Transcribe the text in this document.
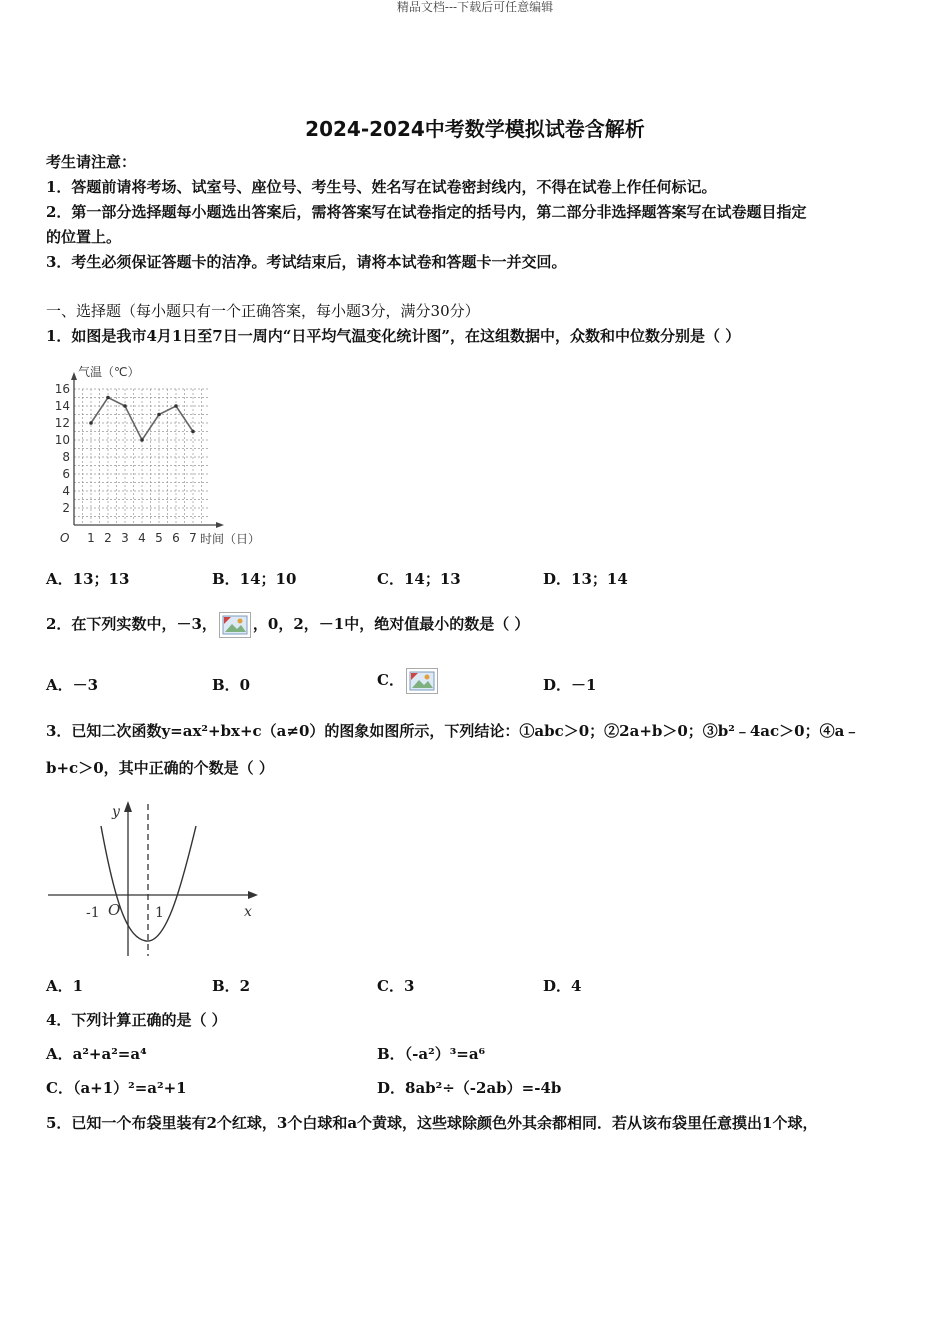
精品文档---下载后可任意编辑
2024-2024中考数学模拟试卷含解析
考生请注意：
1．答题前请将考场、试室号、座位号、考生号、姓名写在试卷密封线内，不得在试卷上作任何标记。
2．第一部分选择题每小题选出答案后，需将答案写在试卷指定的括号内，第二部分非选择题答案写在试卷题目指定
的位置上。
3．考生必须保证答题卡的洁净。考试结束后，请将本试卷和答题卡一并交回。
一、选择题（每小题只有一个正确答案，每小题3分，满分30分）
1．如图是我市4月1日至7日一周内“日平均气温变化统计图”，在这组数据中，众数和中位数分别是（ ）
2
4
6
8
10
12
14
16
1 2 3 4 5 6 7
气温（℃）
时间（日）
O
A．13；13	B．14；10	C．14；13	D．13；14
2．在下列实数中，－3， ，0，2，－1中，绝对值最小的数是（ ）
A．－3	B．0	C．	D．－1
3．已知二次函数y=ax²+bx+c（a≠0）的图象如图所示，下列结论：①abc＞0；②2a+b＞0；③b²﹣4ac＞0；④a﹣
b+c＞0，其中正确的个数是（ ）
y
x
O
-1	1
A．1	B．2	C．3	D．4
4．下列计算正确的是（ ）
A．a²+a²=a⁴	B．（-a²）³=a⁶
C．（a+1）²=a²+1	D．8ab²÷（-2ab）=-4b
5．已知一个布袋里装有2个红球，3个白球和a个黄球，这些球除颜色外其余都相同．若从该布袋里任意摸出1个球，
